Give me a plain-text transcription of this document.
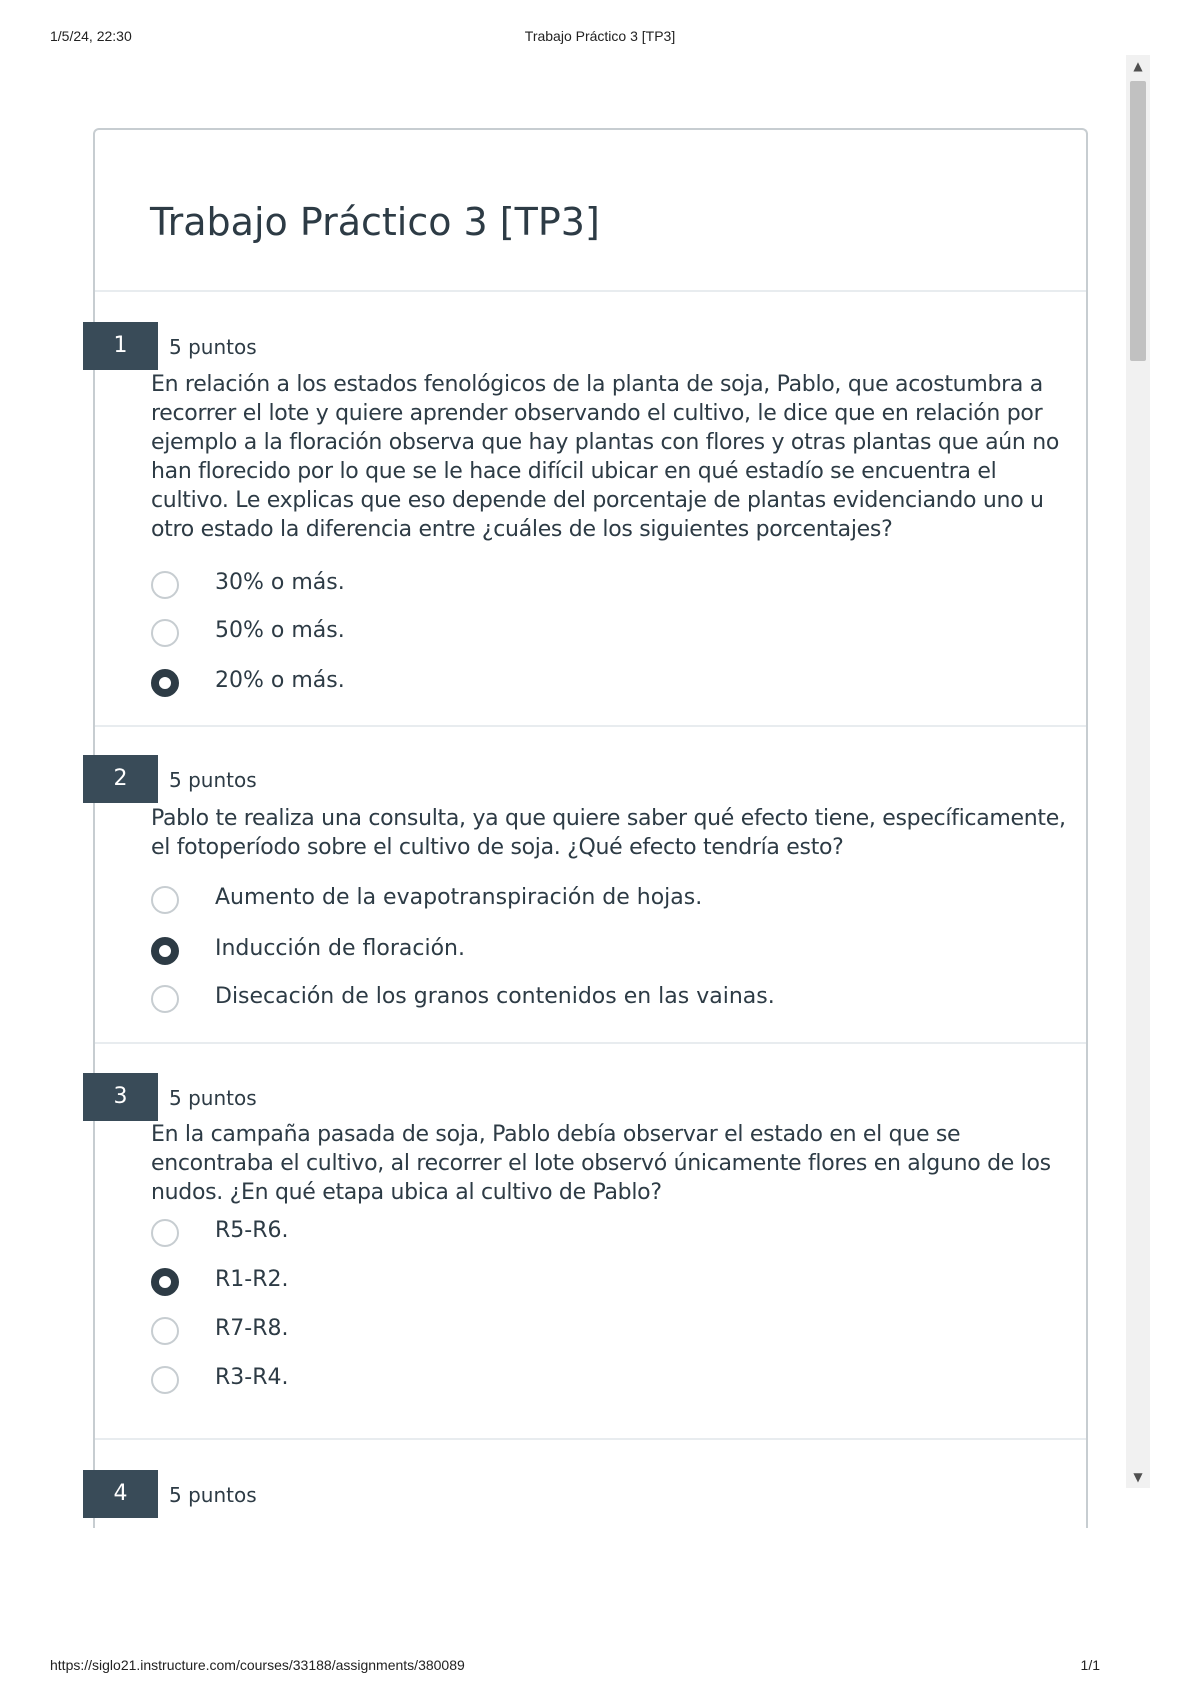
1/5/24, 22:30	Trabajo Práctico 3 [TP3]
Trabajo Práctico 3 [TP3]
1	5 puntos

En relación a los estados fenológicos de la planta de soja, Pablo, que acostumbra a recorrer el lote y quiere aprender observando el cultivo, le dice que en relación por ejemplo a la floración observa que hay plantas con flores y otras plantas que aún no han florecido por lo que se le hace difícil ubicar en qué estadío se encuentra el cultivo. Le explicas que eso depende del porcentaje de plantas evidenciando uno u otro estado la diferencia entre ¿cuáles de los siguientes porcentajes?

30% o más.
50% o más.
20% o más.
2	5 puntos

Pablo te realiza una consulta, ya que quiere saber qué efecto tiene, específicamente, el fotoperíodo sobre el cultivo de soja. ¿Qué efecto tendría esto?

Aumento de la evapotranspiración de hojas.
Inducción de floración.
Disecación de los granos contenidos en las vainas.
3	5 puntos

En la campaña pasada de soja, Pablo debía observar el estado en el que se encontraba el cultivo, al recorrer el lote observó únicamente flores en alguno de los nudos. ¿En qué etapa ubica al cultivo de Pablo?

R5-R6.
R1-R2.
R7-R8.
R3-R4.
4	5 puntos
▲
▼
https://siglo21.instructure.com/courses/33188/assignments/380089	1/1
